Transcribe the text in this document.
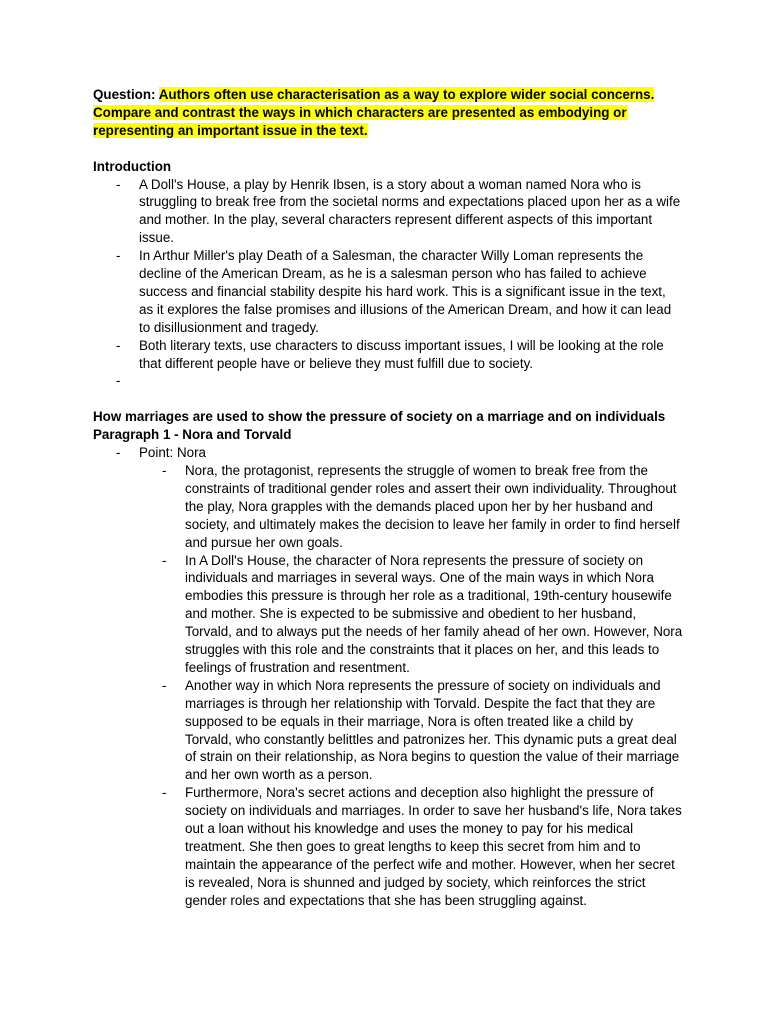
Question: Authors often use characterisation as a way to explore wider social concerns. Compare and contrast the ways in which characters are presented as embodying or representing an important issue in the text.

Introduction

- A Doll's House, a play by Henrik Ibsen, is a story about a woman named Nora who is struggling to break free from the societal norms and expectations placed upon her as a wife and mother. In the play, several characters represent different aspects of this important issue.
- In Arthur Miller's play Death of a Salesman, the character Willy Loman represents the decline of the American Dream, as he is a salesman person who has failed to achieve success and financial stability despite his hard work. This is a significant issue in the text, as it explores the false promises and illusions of the American Dream, and how it can lead to disillusionment and tragedy.
- Both literary texts, use characters to discuss important issues, I will be looking at the role that different people have or believe they must fulfill due to society.
-

How marriages are used to show the pressure of society on a marriage and on individuals

Paragraph 1 - Nora and Torvald

- Point: Nora
- Nora, the protagonist, represents the struggle of women to break free from the constraints of traditional gender roles and assert their own individuality. Throughout the play, Nora grapples with the demands placed upon her by her husband and society, and ultimately makes the decision to leave her family in order to find herself and pursue her own goals.
- In A Doll's House, the character of Nora represents the pressure of society on individuals and marriages in several ways. One of the main ways in which Nora embodies this pressure is through her role as a traditional, 19th-century housewife and mother. She is expected to be submissive and obedient to her husband, Torvald, and to always put the needs of her family ahead of her own. However, Nora struggles with this role and the constraints that it places on her, and this leads to feelings of frustration and resentment.
- Another way in which Nora represents the pressure of society on individuals and marriages is through her relationship with Torvald. Despite the fact that they are supposed to be equals in their marriage, Nora is often treated like a child by Torvald, who constantly belittles and patronizes her. This dynamic puts a great deal of strain on their relationship, as Nora begins to question the value of their marriage and her own worth as a person.
- Furthermore, Nora's secret actions and deception also highlight the pressure of society on individuals and marriages. In order to save her husband's life, Nora takes out a loan without his knowledge and uses the money to pay for his medical treatment. She then goes to great lengths to keep this secret from him and to maintain the appearance of the perfect wife and mother. However, when her secret is revealed, Nora is shunned and judged by society, which reinforces the strict gender roles and expectations that she has been struggling against.
